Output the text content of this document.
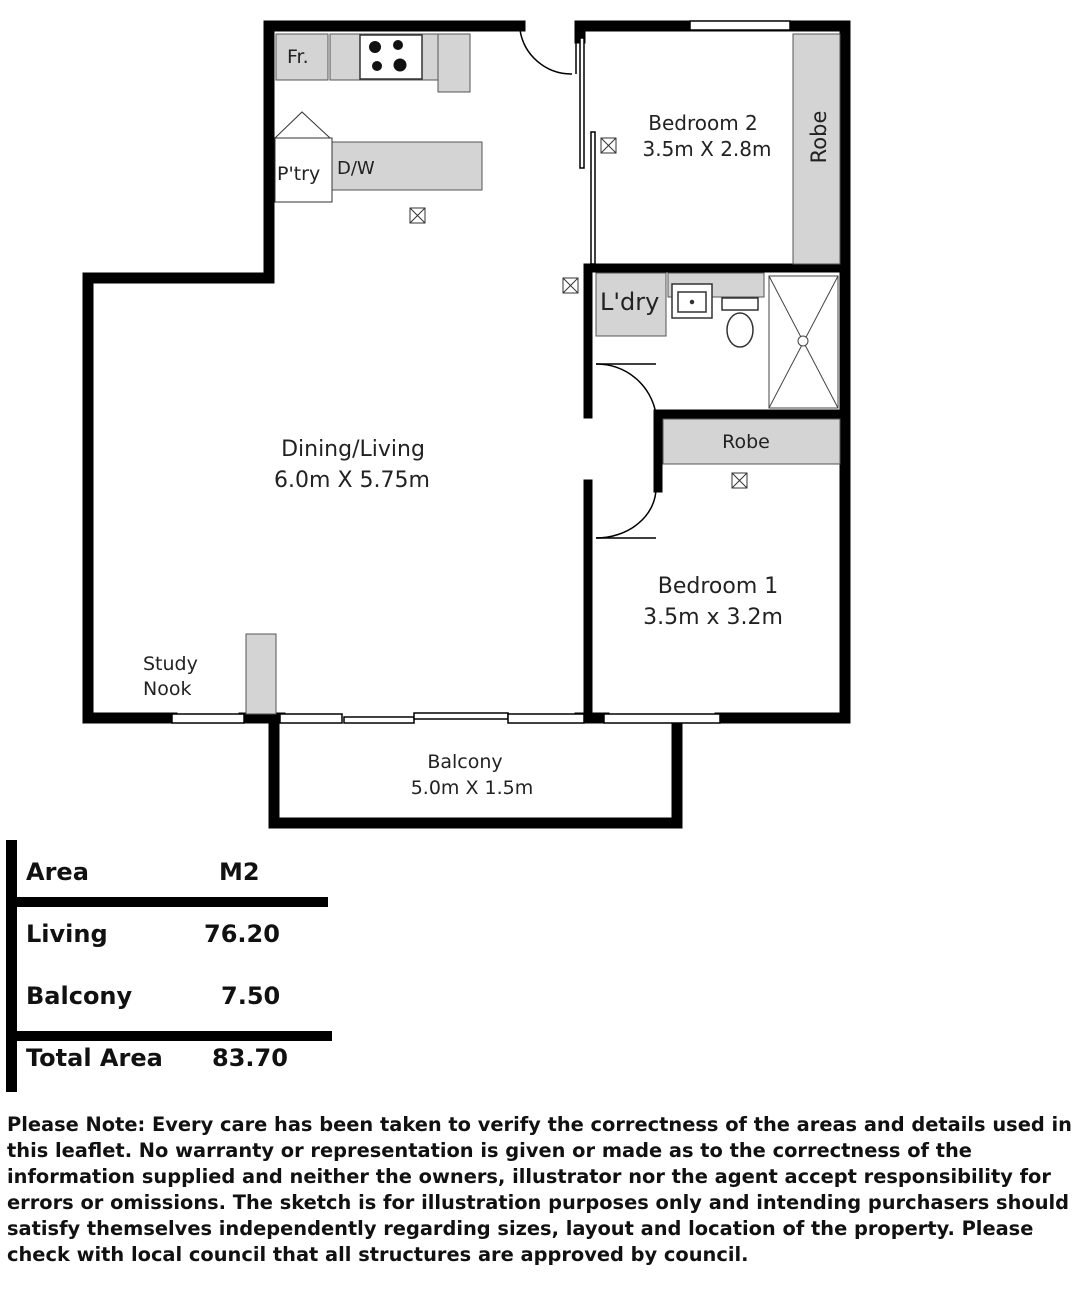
Fr.
P'try D/W
Bedroom 2
3.5m X 2.8m Robe
L'dry
Dining/Living
6.0m X 5.75m
Robe
Bedroom 1
3.5m x 3.2m
Study
Nook
Balcony
5.0m X 1.5m
Area	M2
Living	76.20
Balcony	7.50
Total Area 83.70

Please Note: Every care has been taken to verify the correctness of the areas and details used in this leaflet. No warranty or representation is given or made as to the correctness of the information supplied and neither the owners, illustrator nor the agent accept responsibility for errors or omissions. The sketch is for illustration purposes only and intending purchasers should satisfy themselves independently regarding sizes, layout and location of the property. Please check with local council that all structures are approved by council.
